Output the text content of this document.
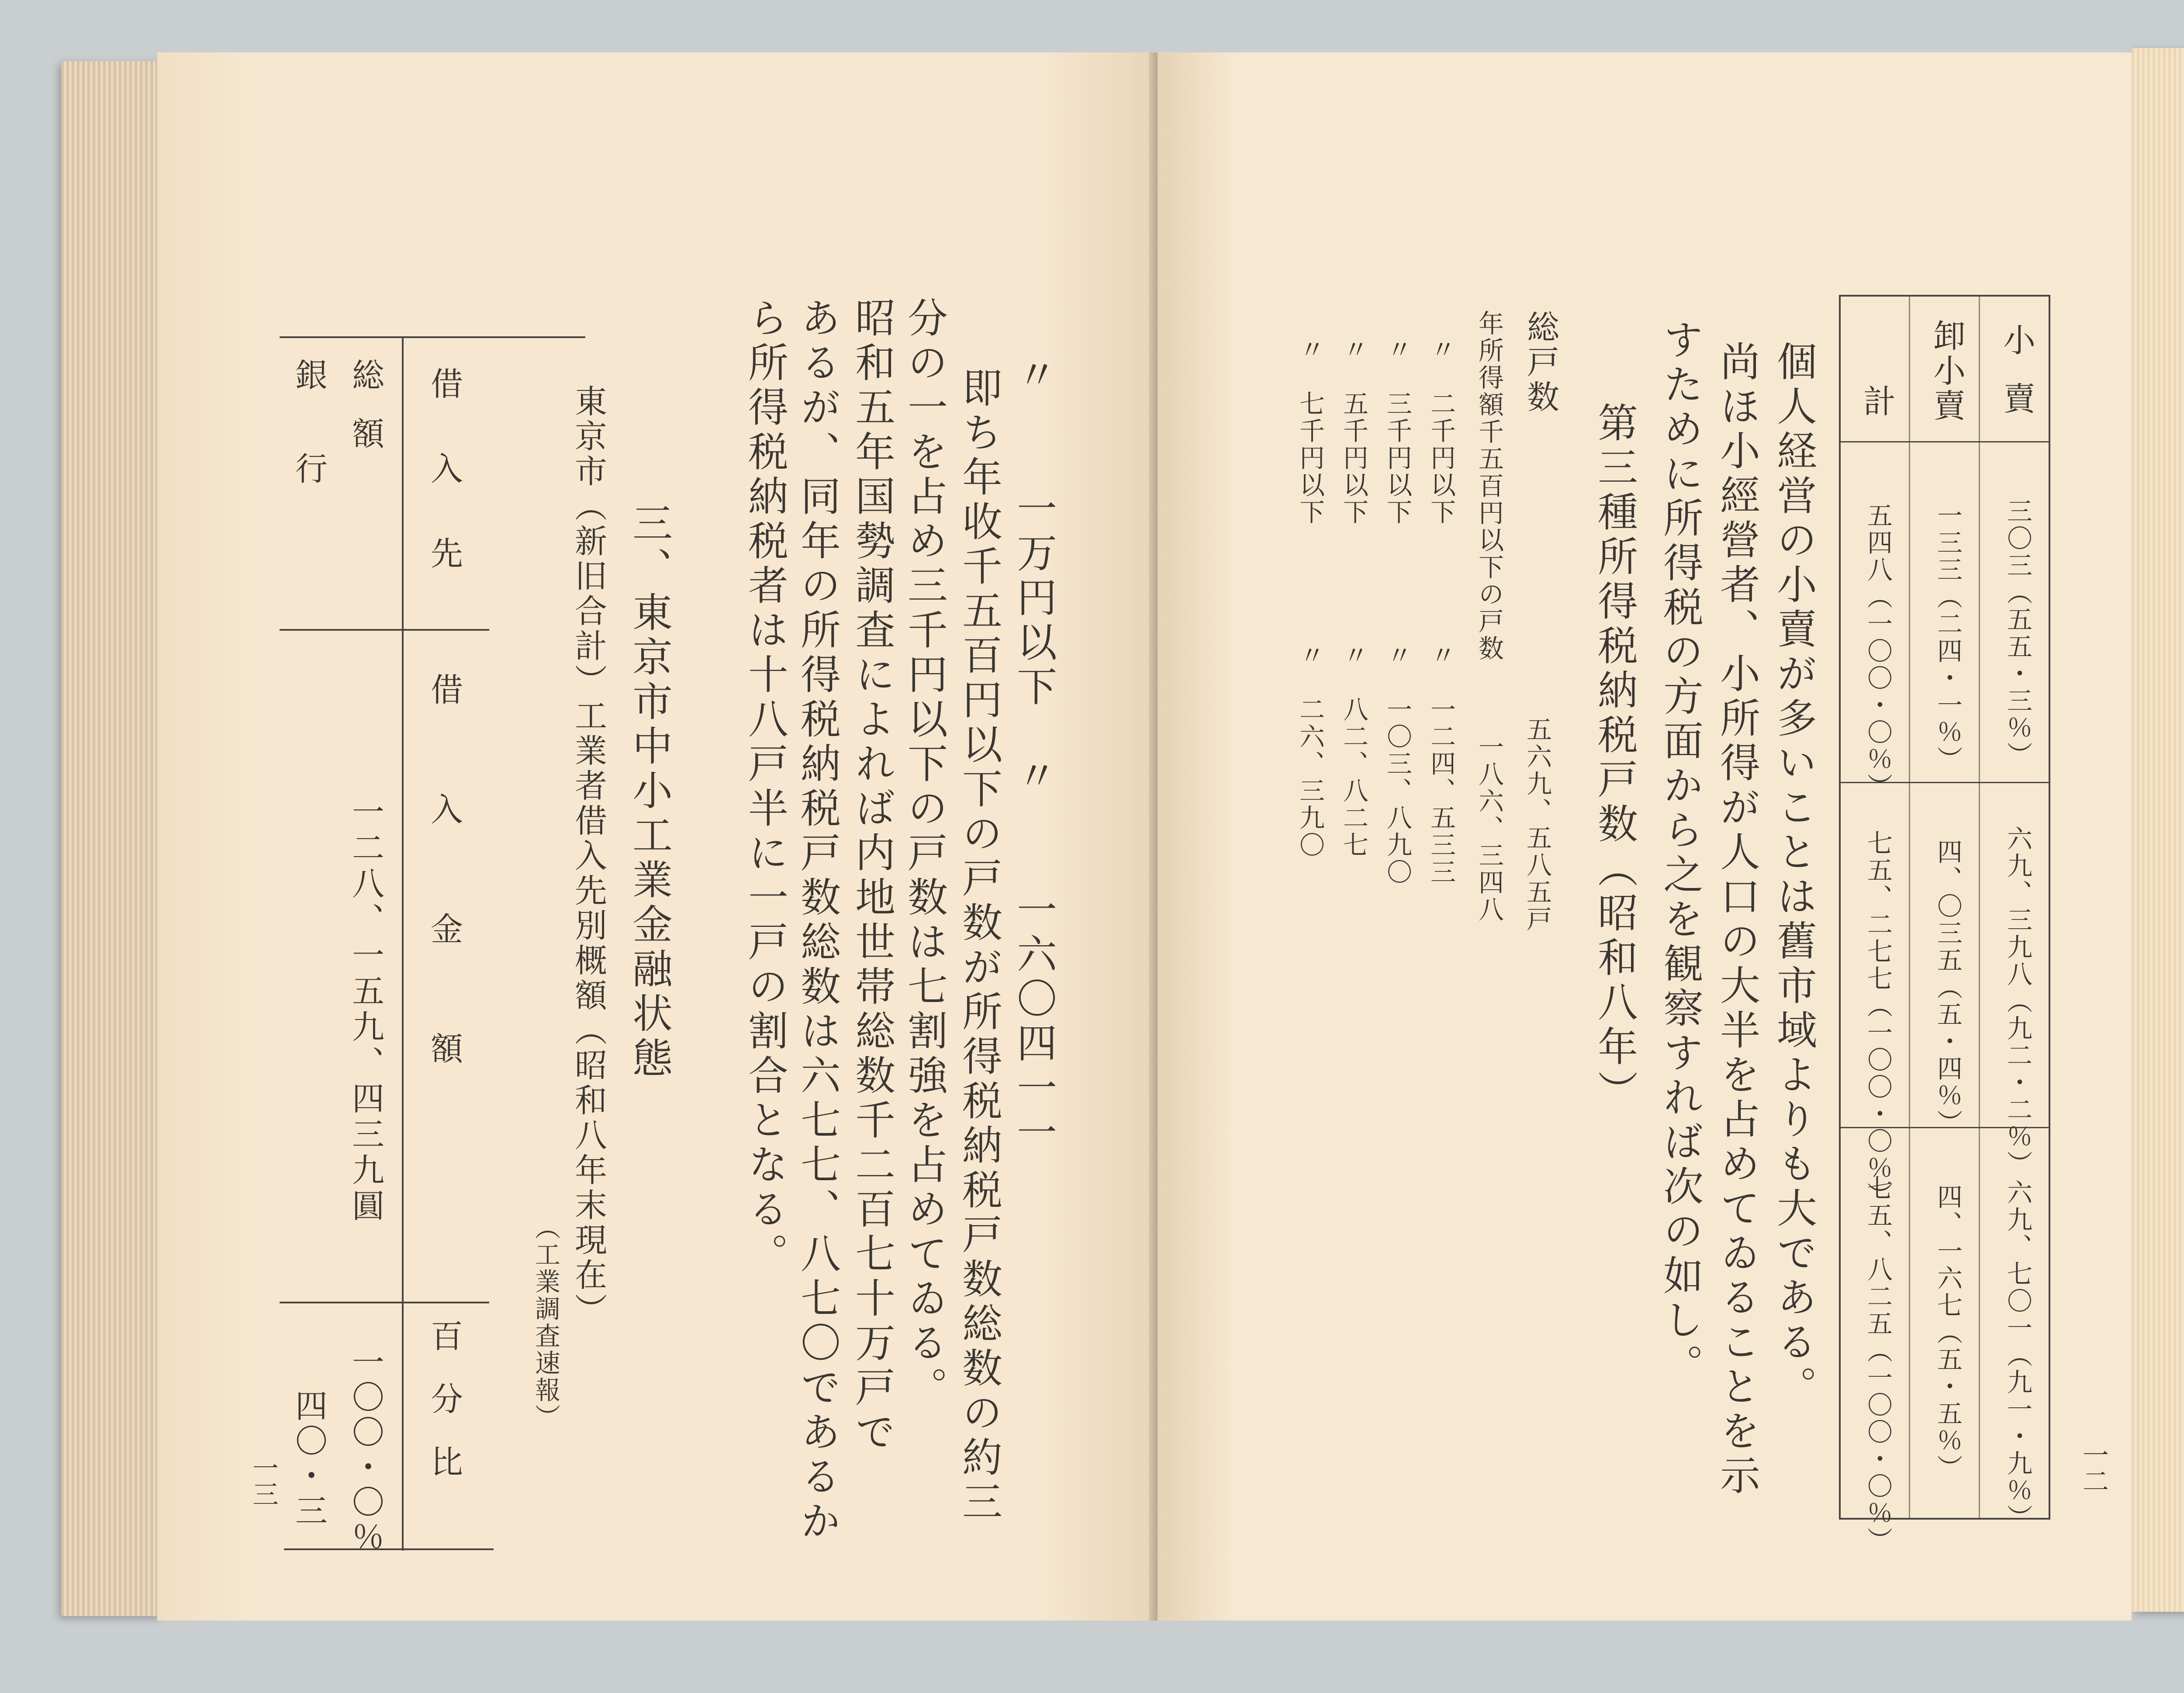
〃　　一万円以下　〃　　一六〇四一一
即ち年收千五百円以下の戸数が所得税納税戸数総数の約三
分の一を占め三千円以下の戸数は七割強を占めてゐる。
昭和五年国勢調査によれば内地世帯総数千二百七十万戸で
あるが、同年の所得税納税戸数総数は六七七、八七〇であるか
ら所得税納税者は十八戸半に一戸の割合となる。
三、東京市中小工業金融状態
東京市（新旧合計）工業者借入先別概額（昭和八年末現在）
（工業調査速報）
借入先
借入金額
百分比
総額
一二八、一五九、四三九圓
一〇〇・〇％
銀行
四〇・三
一三
小賣
卸小賣
計
三〇三（五五・三％）
一三三（二四・一％）
五四八（一〇〇・〇％）
六九、三九八（九二・二％）
四、〇三五（五・四％）
七五、二七七（一〇〇・〇％）
六九、七〇一（九一・九％）
四、一六七（五・五％）
七五、八二五（一〇〇・〇％）
個人経営の小賣が多いことは舊市域よりも大である。
尚ほ小經營者、小所得が人口の大半を占めてゐることを示
すために所得税の方面から之を観察すれば次の如し。
第三種所得税納税戸数（昭和八年）
総戸数
五六九、五八五戸
年所得額千五百円以下の戸数
一八六、三四八
〃　二千円以下
〃　一二四、五三三
〃　三千円以下
〃　一〇三、八九〇
〃　五千円以下
〃　八二、八二七
〃　七千円以下
〃　二六、三九〇
一二
